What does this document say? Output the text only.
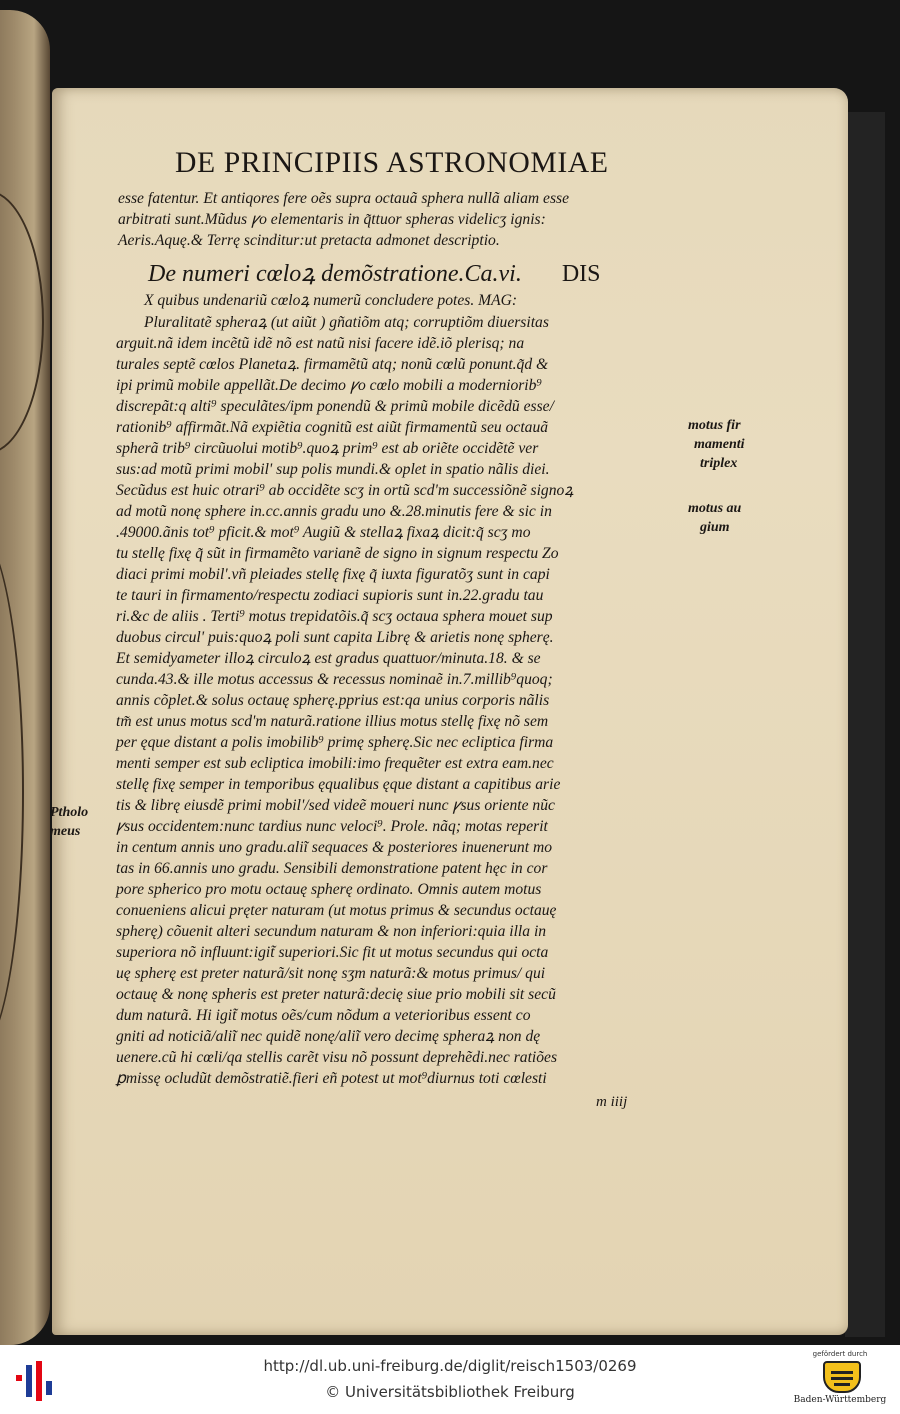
DE PRINCIPIIS ASTRONOMIAE

esse fatentur. Et antiqores fere oẽs supra octauã sphera nullã aliam esse

arbitrati sunt.Mũdus ꝩo elementaris in q̃ttuor spheras videlicʒ ignis:

Aeris.Aquę.& Terrę scinditur:ut pretacta admonet descriptio.

De numeri cœloꝝ demõstratione.Ca.vi. DIS

X quibus undenariũ cœloꝝ numerũ concludere potes. MAG:

Pluralitatẽ spheraꝝ (ut aiũt ) gñatiõm atq; corruptiõm diuersitas

arguit.nã idem incẽtũ idẽ nõ est natũ nisi facere idẽ.iõ plerisq; na

turales septẽ cœlos Planetaꝝ. firmamẽtũ atq; nonũ cœlũ ponunt.q̃d &

ipi primũ mobile appellãt.De decimo ꝩo cœlo mobili a moderniorib⁹

discrepãt:q alti⁹ speculãtes/ipm ponendũ & primũ mobile dicẽdũ esse/

rationib⁹ affirmãt.Nã expiẽtia cognitũ est aiũt firmamentũ seu octauã

spherã trib⁹ circũuolui motib⁹.quoꝝ prim⁹ est ab oriẽte occidẽtẽ ver

sus:ad motũ primi mobil' sup polis mundi.& oplet in spatio nãlis diei.

Secũdus est huic otrari⁹ ab occidẽte scʒ in ortũ scd'm successiõnẽ signoꝝ

ad motũ nonę sphere in.cc.annis gradu uno &.28.minutis fere & sic in

.49000.ãnis tot⁹ pficit.& mot⁹ Augiũ & stellaꝝ fixaꝝ dicit:q̃ scʒ mo

tu stellę fixę q̃ sũt in firmamẽto varianẽ de signo in signum respectu Zo

diaci primi mobil'.vñ pleiades stellę fixę q̃ iuxta figuratõʒ sunt in capi

te tauri in firmamento/respectu zodiaci supioris sunt in.22.gradu tau

ri.&c de aliis . Terti⁹ motus trepidatõis.q̃ scʒ octaua sphera mouet sup

duobus circul' puis:quoꝝ poli sunt capita Librę & arietis nonę spherę.

Et semidyameter illoꝝ circuloꝝ est gradus quattuor/minuta.18. & se

cunda.43.& ille motus accessus & recessus nominaẽ in.7.millib⁹quoq;

annis cõplet.& solus octauę spherę.pprius est:qa unius corporis nãlis

tm̃ est unus motus scd'm naturã.ratione illius motus stellę fixę nõ sem

per ęque distant a polis imobilib⁹ primę spherę.Sic nec ecliptica firma

menti semper est sub ecliptica imobili:imo frequẽter est extra eam.nec

stellę fixę semper in temporibus ęqualibus ęque distant a capitibus arie

tis & librę eiusdẽ primi mobil'/sed videẽ moueri nunc ꝩsus oriente nũc

ꝩsus occidentem:nunc tardius nunc veloci⁹. Prole. nãq; motas reperit

in centum annis uno gradu.aliĩ sequaces & posteriores inuenerunt mo

tas in 66.annis uno gradu. Sensibili demonstratione patent hęc in cor

pore spherico pro motu octauę spherę ordinato. Omnis autem motus

conueniens alicui pręter naturam (ut motus primus & secundus octauę

spherę) cõuenit alteri secundum naturam & non inferiori:quia illa in

superiora nõ influunt:igit̃ superiori.Sic fit ut motus secundus qui octa

uę spherę est preter naturã/sit nonę sʒm naturã:& motus primus/ qui

octauę & nonę spheris est preter naturã:decię siue prio mobili sit secũ

dum naturã. Hi igit̃ motus oẽs/cum nõdum a veterioribus essent co

gniti ad noticiã/aliĩ nec quidẽ nonę/aliĩ vero decimę spheraꝝ non dę

uenere.cũ hi cœli/qa stellis carẽt visu nõ possunt deprehẽdi.nec ratiões

ꝑmissę ocludũt demõstratiẽ.fieri eñ potest ut mot⁹diurnus toti cœlesti

motus fir

mamenti

triplex

motus au

gium

Ptholo

meus

m iiij

http://dl.ub.uni-freiburg.de/diglit/reisch1503/0269

© Universitätsbibliothek Freiburg

gefördert durch

Baden-Württemberg
